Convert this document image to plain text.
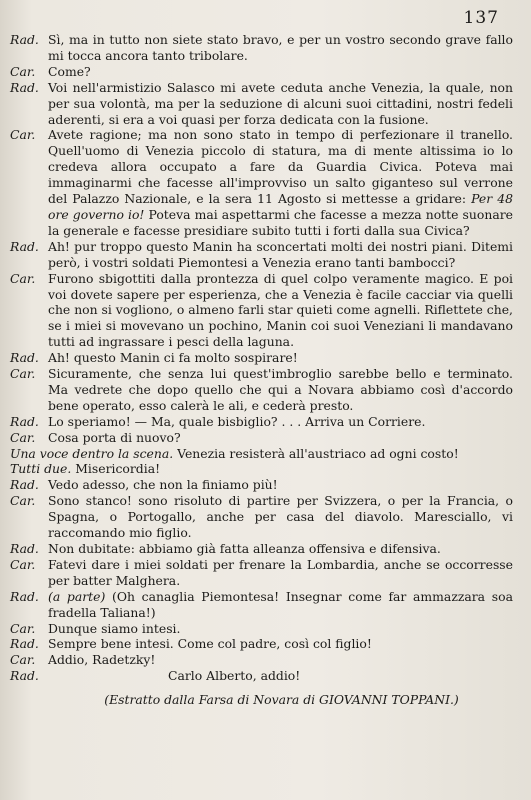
137
Rad. Sì, ma in tutto non siete stato bravo, e per un vostro secondo grave fallo mi tocca ancora tanto tribolare.
Car.	Come?
Rad. Voi nell'armistizio Salasco mi avete ceduta anche Venezia, la quale, non per sua volontà, ma per la seduzione di alcuni suoi cittadini, nostri fedeli aderenti, si era a voi quasi per forza dedicata con la fusione.
Car.	Avete ragione; ma non sono stato in tempo di perfezionare il tranello. Quell'uomo di Venezia piccolo di statura, ma di mente altissima io lo credeva allora occupato a fare da Guardia Civica. Poteva mai immaginarmi che facesse all'improvviso un salto giganteso sul verrone del Palazzo Nazionale, e la sera 11 Agosto si mettesse a gridare: Per 48 ore governo io! Poteva mai aspettarmi che facesse a mezza notte suonare la generale e facesse presidiare subito tutti i forti dalla sua Civica?
Rad. Ah! pur troppo questo Manin ha sconcertati molti dei nostri piani. Ditemi però, i vostri soldati Piemontesi a Venezia erano tanti bambocci?
Car.	Furono sbigottiti dalla prontezza di quel colpo veramente magico. E poi voi dovete sapere per esperienza, che a Venezia è facile cacciar via quelli che non si vogliono, o almeno farli star quieti come agnelli. Riflettete che, se i miei si movevano un pochino, Manin coi suoi Veneziani li mandavano tutti ad ingrassare i pesci della laguna.
Rad. Ah! questo Manin ci fa molto sospirare!
Car.	Sicuramente, che senza lui quest'imbroglio sarebbe bello e terminato. Ma vedrete che dopo quello che qui a Novara abbiamo così d'accordo bene operato, esso calerà le ali, e cederà presto.
Rad. Lo speriamo! — Ma, quale bisbiglio? . . . Arriva un Corriere.
Car.	Cosa porta di nuovo?
Una voce dentro la scena. Venezia resisterà all'austriaco ad ogni costo!
Tutti due. Misericordia!
Rad. Vedo adesso, che non la finiamo più!
Car.	Sono stanco! sono risoluto di partire per Svizzera, o per la Francia, o Spagna, o Portogallo, anche per casa del diavolo. Maresciallo, vi raccomando mio figlio.
Rad. Non dubitate: abbiamo già fatta alleanza offensiva e difensiva.
Car.	Fatevi dare i miei soldati per frenare la Lombardia, anche se occorresse per batter Malghera.
Rad. (a parte) (Oh canaglia Piemontesa! Insegnar come far ammazzara soa fradella Taliana!)
Car.	Dunque siamo intesi.
Rad. Sempre bene intesi. Come col padre, così col figlio!
Car.	Addio, Radetzky!
Rad.	Carlo Alberto, addio!
(Estratto dalla Farsa di Novara di GIOVANNI TOPPANI.)
